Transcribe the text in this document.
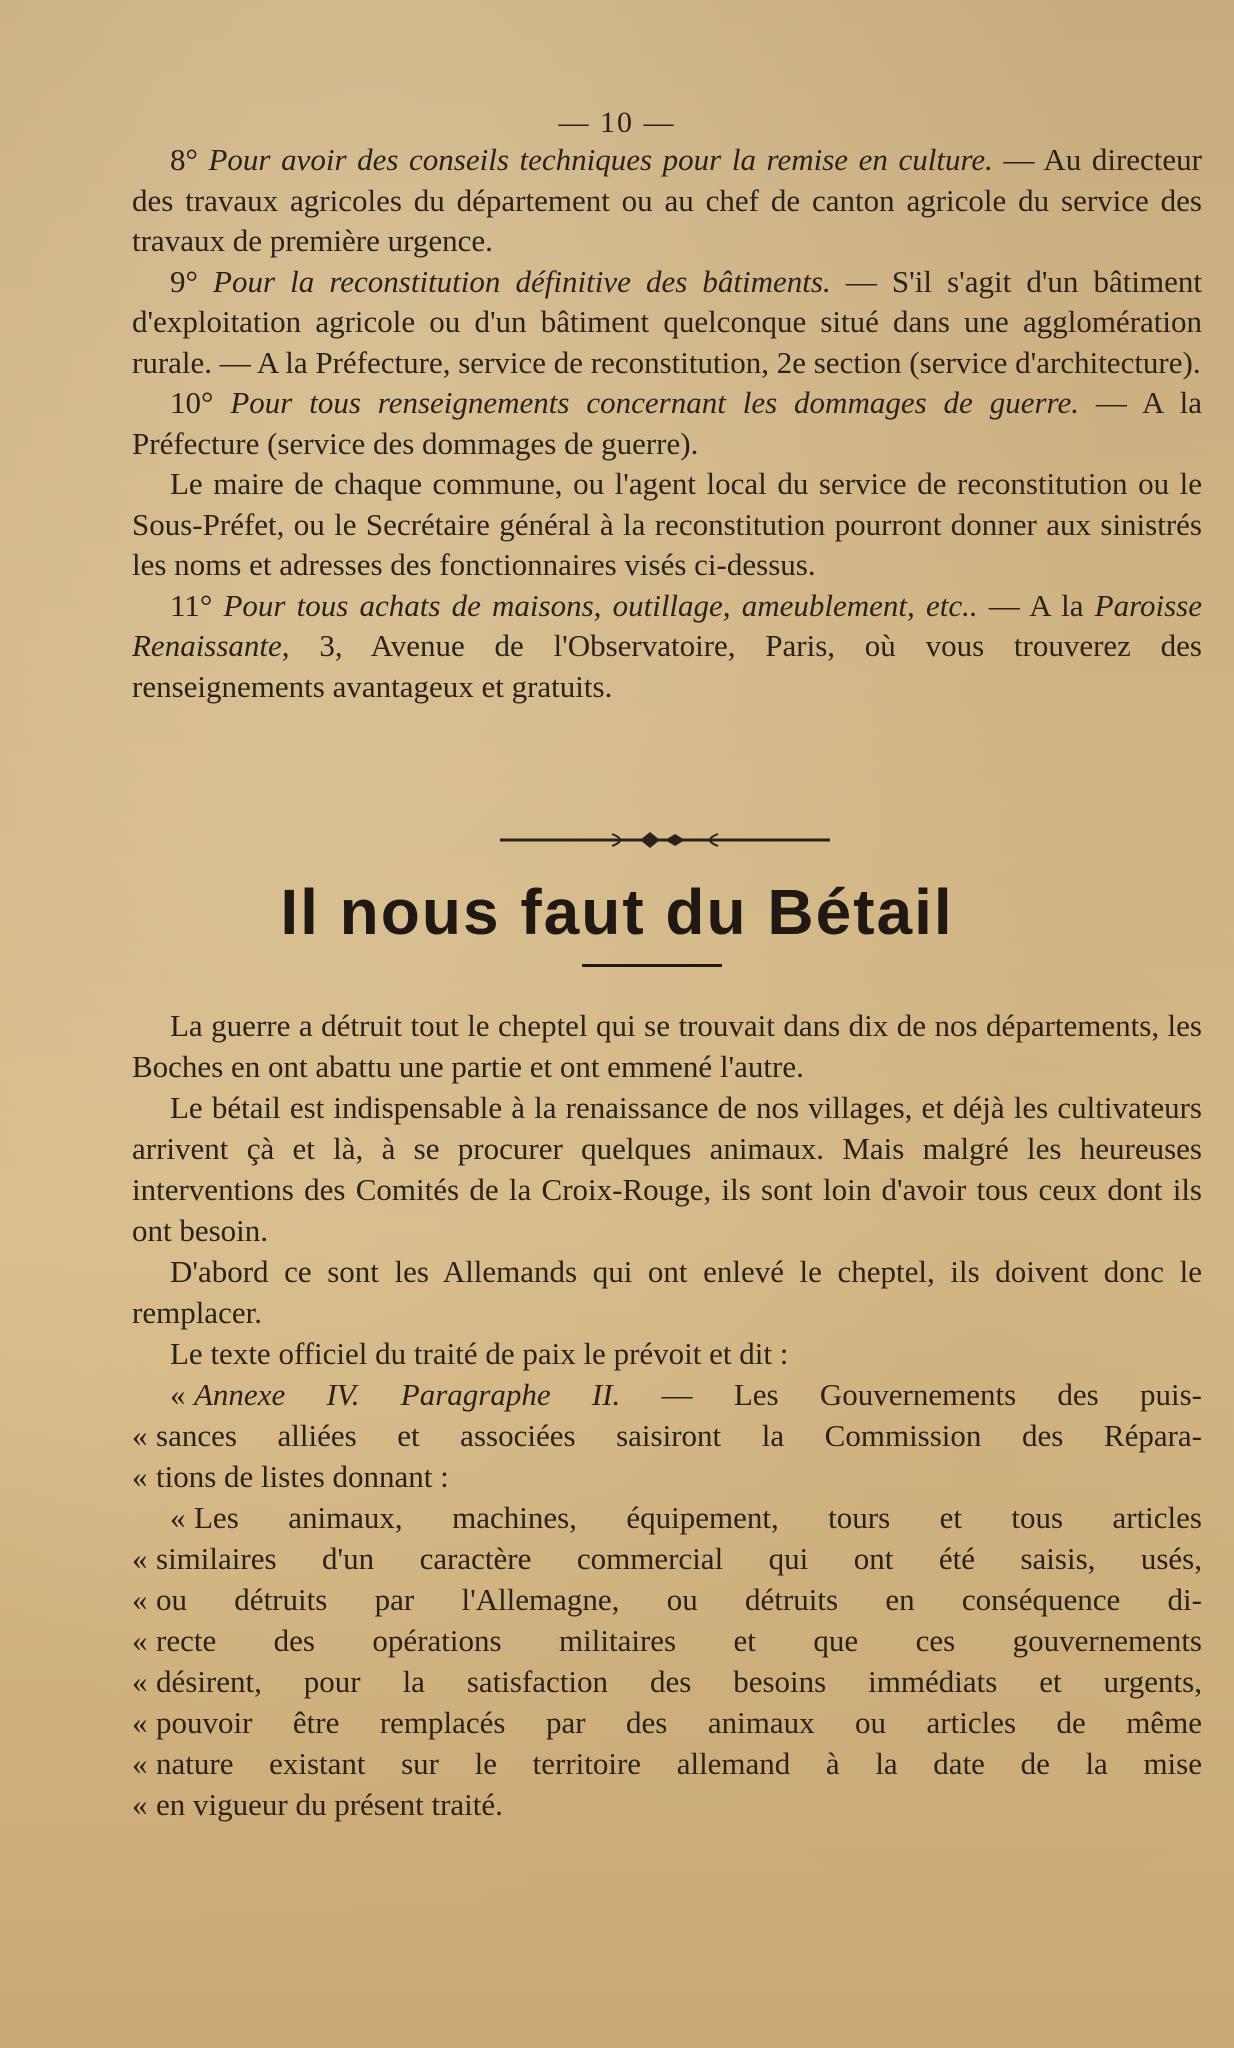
— 10 —

8° Pour avoir des conseils techniques pour la remise en culture. — Au directeur des travaux agricoles du département ou au chef de canton agricole du service des travaux de première urgence.

9° Pour la reconstitution définitive des bâtiments. — S'il s'agit d'un bâtiment d'exploitation agricole ou d'un bâtiment quelconque situé dans une agglomération rurale. — A la Préfecture, service de reconstitution, 2e section (service d'architecture).

10° Pour tous renseignements concernant les dommages de guerre. — A la Préfecture (service des dommages de guerre).

Le maire de chaque commune, ou l'agent local du service de reconstitution ou le Sous-Préfet, ou le Secrétaire général à la reconstitution pourront donner aux sinistrés les noms et adresses des fonctionnaires visés ci-dessus.

11° Pour tous achats de maisons, outillage, ameublement, etc.. — A la Paroisse Renaissante, 3, Avenue de l'Observatoire, Paris, où vous trouverez des renseignements avantageux et gratuits.

Il nous faut du Bétail

La guerre a détruit tout le cheptel qui se trouvait dans dix de nos départements, les Boches en ont abattu une partie et ont emmené l'autre.

Le bétail est indispensable à la renaissance de nos villages, et déjà les cultivateurs arrivent çà et là, à se procurer quelques animaux. Mais malgré les heureuses interventions des Comités de la Croix-Rouge, ils sont loin d'avoir tous ceux dont ils ont besoin.

D'abord ce sont les Allemands qui ont enlevé le cheptel, ils doivent donc le remplacer.

Le texte officiel du traité de paix le prévoit et dit :

« Annexe IV. Paragraphe II. — Les Gouvernements des puis-
« sances alliées et associées saisiront la Commission des Répara-
« tions de listes donnant :
« Les animaux, machines, équipement, tours et tous articles
« similaires d'un caractère commercial qui ont été saisis, usés,
« ou détruits par l'Allemagne, ou détruits en conséquence di-
« recte des opérations militaires et que ces gouvernements
« désirent, pour la satisfaction des besoins immédiats et urgents,
« pouvoir être remplacés par des animaux ou articles de même
« nature existant sur le territoire allemand à la date de la mise
« en vigueur du présent traité.
